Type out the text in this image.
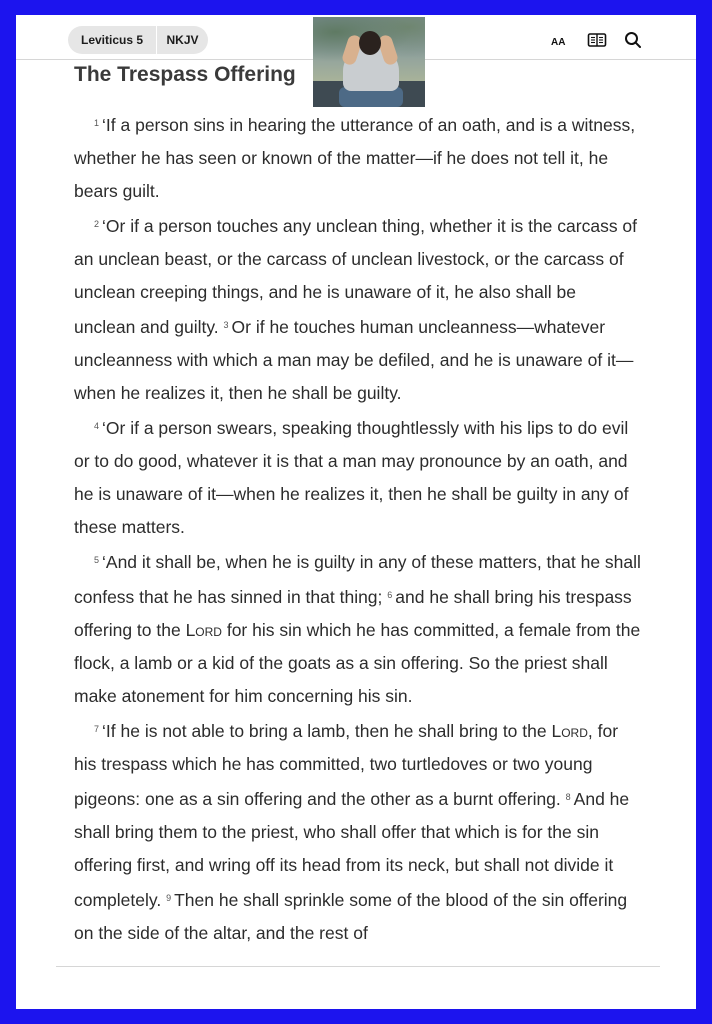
Leviticus 5	NKJV	AA
The Trespass Offering

$^1$ ‘If a person sins in hearing the utterance of an oath, and is a witness, whether he has seen or known of the matter—if he does not tell it, he bears guilt.

$^2$ ‘Or if a person touches any unclean thing, whether it is the carcass of an unclean beast, or the carcass of unclean livestock, or the carcass of unclean creeping things, and he is unaware of it, he also shall be unclean and guilty. $^3$ Or if he touches human uncleanness—whatever uncleanness with which a man may be defiled, and he is unaware of it—when he realizes it, then he shall be guilty.

$^4$ ‘Or if a person swears, speaking thoughtlessly with his lips to do evil or to do good, whatever it is that a man may pronounce by an oath, and he is unaware of it—when he realizes it, then he shall be guilty in any of these matters.

$^5$ ‘And it shall be, when he is guilty in any of these matters, that he shall confess that he has sinned in that thing; $^6$ and he shall bring his trespass offering to the Lord for his sin which he has committed, a female from the flock, a lamb or a kid of the goats as a sin offering. So the priest shall make atonement for him concerning his sin.

$^7$ ‘If he is not able to bring a lamb, then he shall bring to the Lord, for his trespass which he has committed, two turtledoves or two young pigeons: one as a sin offering and the other as a burnt offering. $^8$ And he shall bring them to the priest, who shall offer that which is for the sin offering first, and wring off its head from its neck, but shall not divide it completely. $^9$ Then he shall sprinkle some of the blood of the sin offering on the side of the altar, and the rest of
